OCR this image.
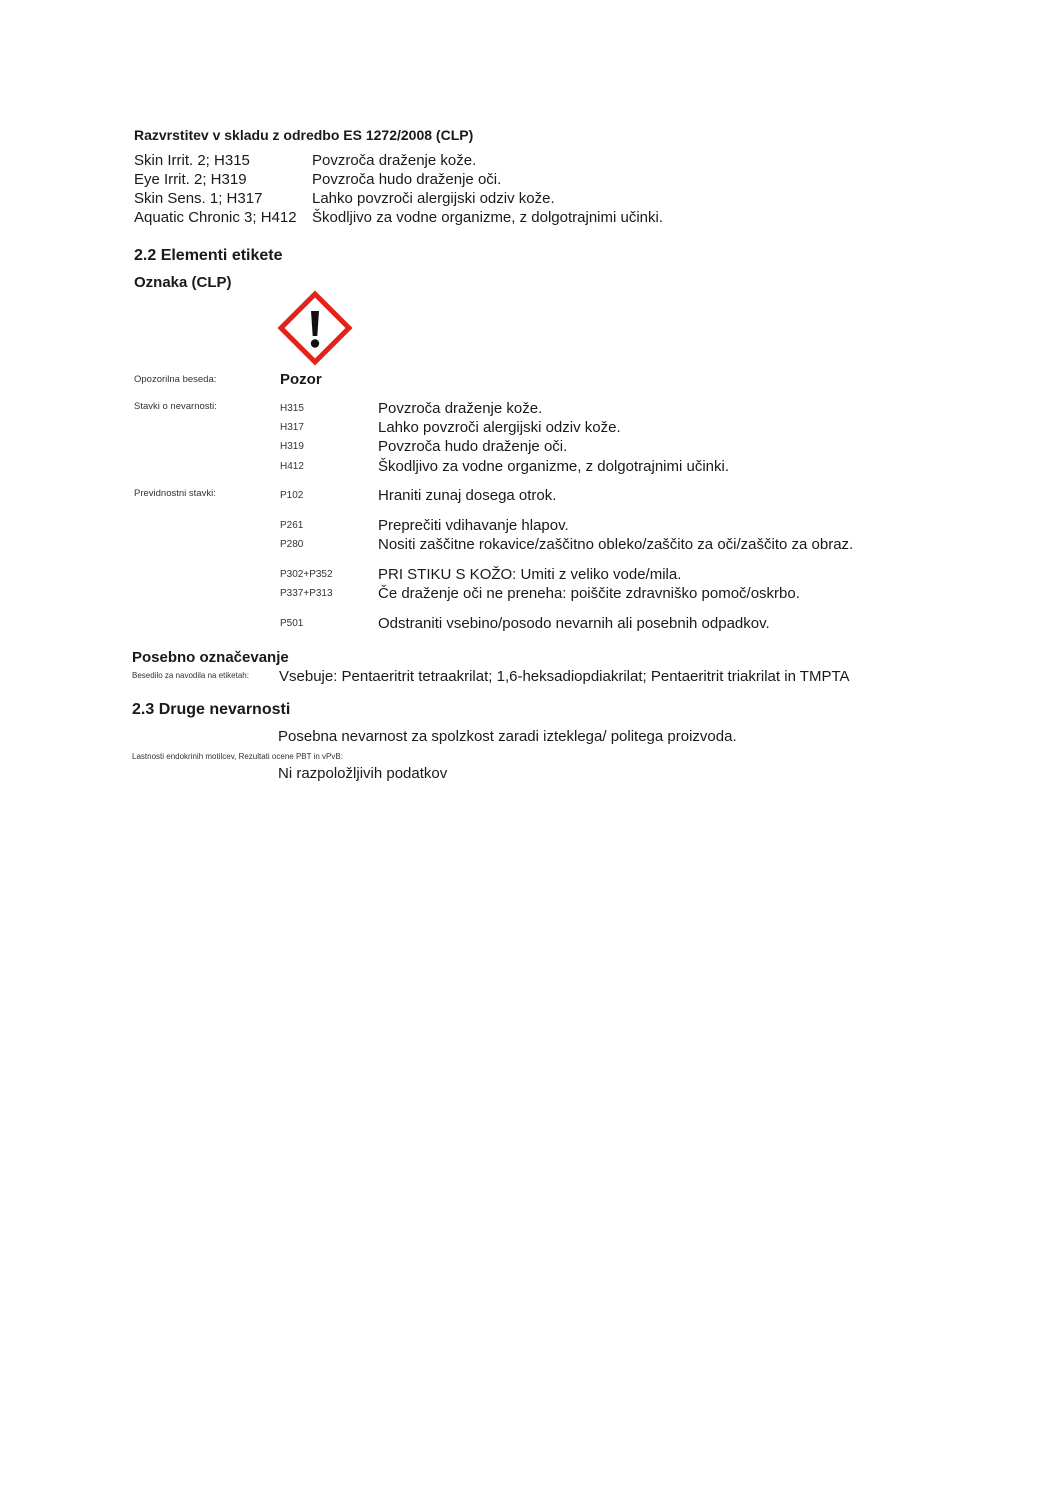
Razvrstitev v skladu z odredbo ES 1272/2008 (CLP)
Skin Irrit. 2; H315	Povzroča draženje kože.
Eye Irrit. 2; H319	Povzroča hudo draženje oči.
Skin Sens. 1; H317	Lahko povzroči alergijski odziv kože.
Aquatic Chronic 3; H412 Škodljivo za vodne organizme, z dolgotrajnimi učinki.
2.2 Elementi etikete
Oznaka (CLP)
Opozorilna beseda:	Pozor
Stavki o nevarnosti:	H315	Povzroča draženje kože.
H317	Lahko povzroči alergijski odziv kože.
H319	Povzroča hudo draženje oči.
H412	Škodljivo za vodne organizme, z dolgotrajnimi učinki.
Previdnostni stavki:	P102	Hraniti zunaj dosega otrok.
P261	Preprečiti vdihavanje hlapov.
P280	Nositi zaščitne rokavice/zaščitno obleko/zaščito za oči/zaščito za obraz.
P302+P352	PRI STIKU S KOŽO: Umiti z veliko vode/mila.
P337+P313	Če draženje oči ne preneha: poiščite zdravniško pomoč/oskrbo.
P501	Odstraniti vsebino/posodo nevarnih ali posebnih odpadkov.
Posebno označevanje
Besedilo za navodila na etiketah: Vsebuje: Pentaeritrit tetraakrilat; 1,6-heksadiopdiakrilat; Pentaeritrit triakrilat in TMPTA
2.3 Druge nevarnosti
Posebna nevarnost za spolzkost zaradi izteklega/ politega proizvoda.
Lastnosti endokrinih motilcev, Rezultati ocene PBT in vPvB:
Ni razpoložljivih podatkov
